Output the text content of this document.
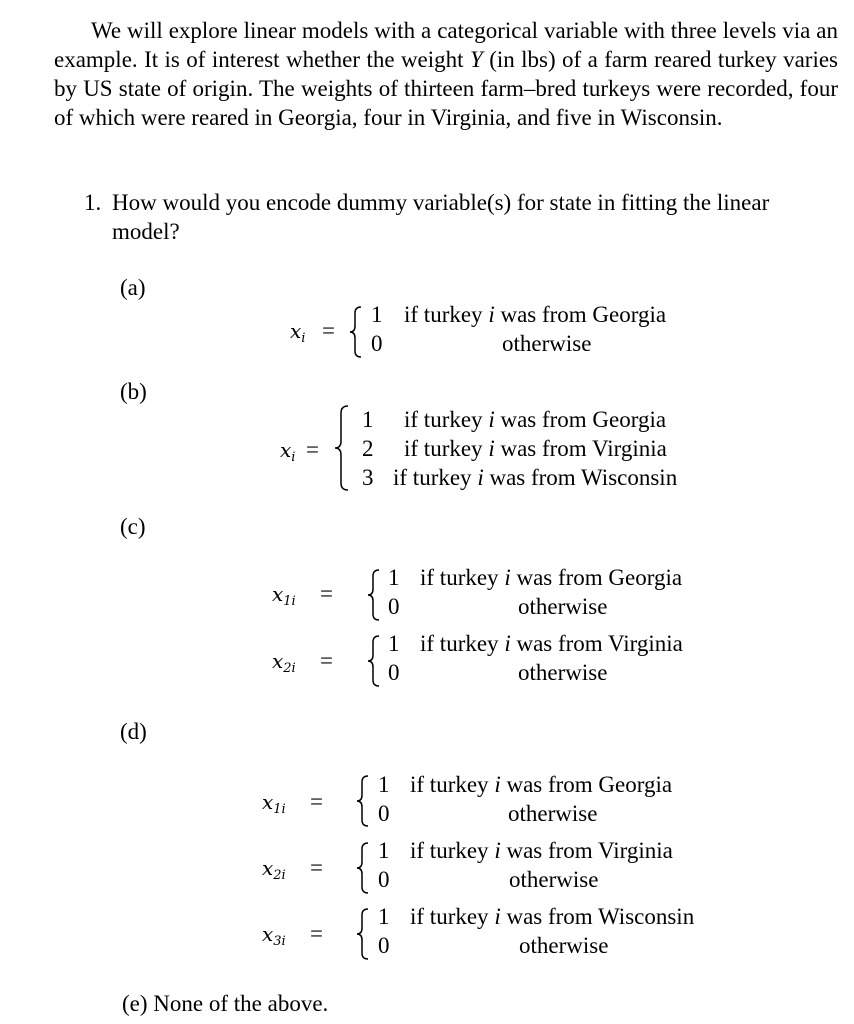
We will explore linear models with a categorical variable with three levels via an example. It is of interest whether the weight Y (in lbs) of a farm reared turkey varies by US state of origin. The weights of thirteen farm–bred turkeys were recorded, four of which were reared in Georgia, four in Virginia, and five in Wisconsin.

1. How would you encode dummy variable(s) for state in fitting the linear model?
(a)
$x_i$ =
1 if turkey i was from Georgia
0	otherwise
(b)
$x_i$ =
1 if turkey i was from Georgia
2 if turkey i was from Virginia
3 if turkey i was from Wisconsin
(c)
$x_{1i}$ =
1 if turkey i was from Georgia
0	otherwise
$x_{2i}$ =
1 if turkey i was from Virginia
0	otherwise
(d)
$x_{1i}$ =
1 if turkey i was from Georgia
0	otherwise
$x_{2i}$ =
1 if turkey i was from Virginia
0	otherwise
$x_{3i}$ =
1 if turkey i was from Wisconsin
0	otherwise
(e) None of the above.
